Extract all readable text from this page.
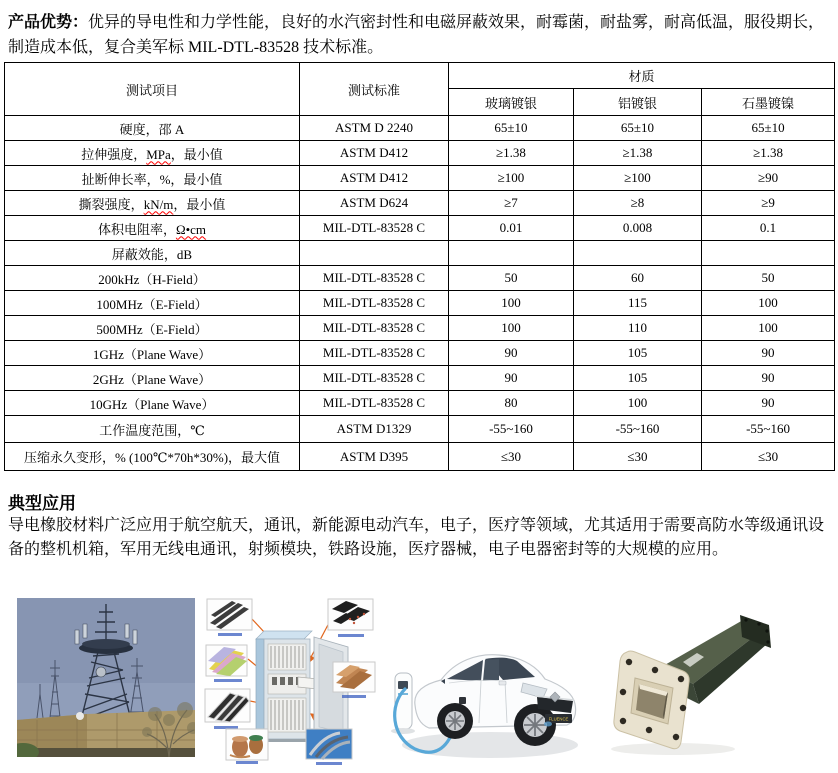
产品优势：优异的导电性和力学性能，良好的水汽密封性和电磁屏蔽效果，耐霉菌，耐盐雾，耐高低温，服役期长，制造成本低，复合美军标 MIL-DTL-83528 技术标准。
测试项目	测试标准	材质		
		玻璃镀银	铝镀银	石墨镀镍
硬度，邵 A	ASTM D 2240	65±10	65±10	65±10
拉伸强度，MPa，最小值	ASTM D412	≥1.38	≥1.38	≥1.38
扯断伸长率，%，最小值	ASTM D412	≥100	≥100	≥90
撕裂强度，kN/m，最小值	ASTM D624	≥7	≥8	≥9
体积电阻率，Ω•cm	MIL-DTL-83528 C	0.01	0.008	0.1
屏蔽效能，dB				
200kHz（H-Field）	MIL-DTL-83528 C	50	60	50
100MHz（E-Field）	MIL-DTL-83528 C	100	115	100
500MHz（E-Field）	MIL-DTL-83528 C	100	110	100
1GHz（Plane Wave）	MIL-DTL-83528 C	90	105	90
2GHz（Plane Wave）	MIL-DTL-83528 C	90	105	90
10GHz（Plane Wave）	MIL-DTL-83528 C	80	100	90
工作温度范围，℃	ASTM D1329	-55~160	-55~160	-55~160
压缩永久变形，% (100℃*70h*30%)，最大值	ASTM D395	≤30	≤30	≤30
典型应用
导电橡胶材料广泛应用于航空航天，通讯，新能源电动汽车，电子，医疗等领域，尤其适用于需要高防水等级通讯设备的整机机箱，军用无线电通讯，射频模块，铁路设施，医疗器械，电子电器密封等的大规模的应用。
FLUENCE
